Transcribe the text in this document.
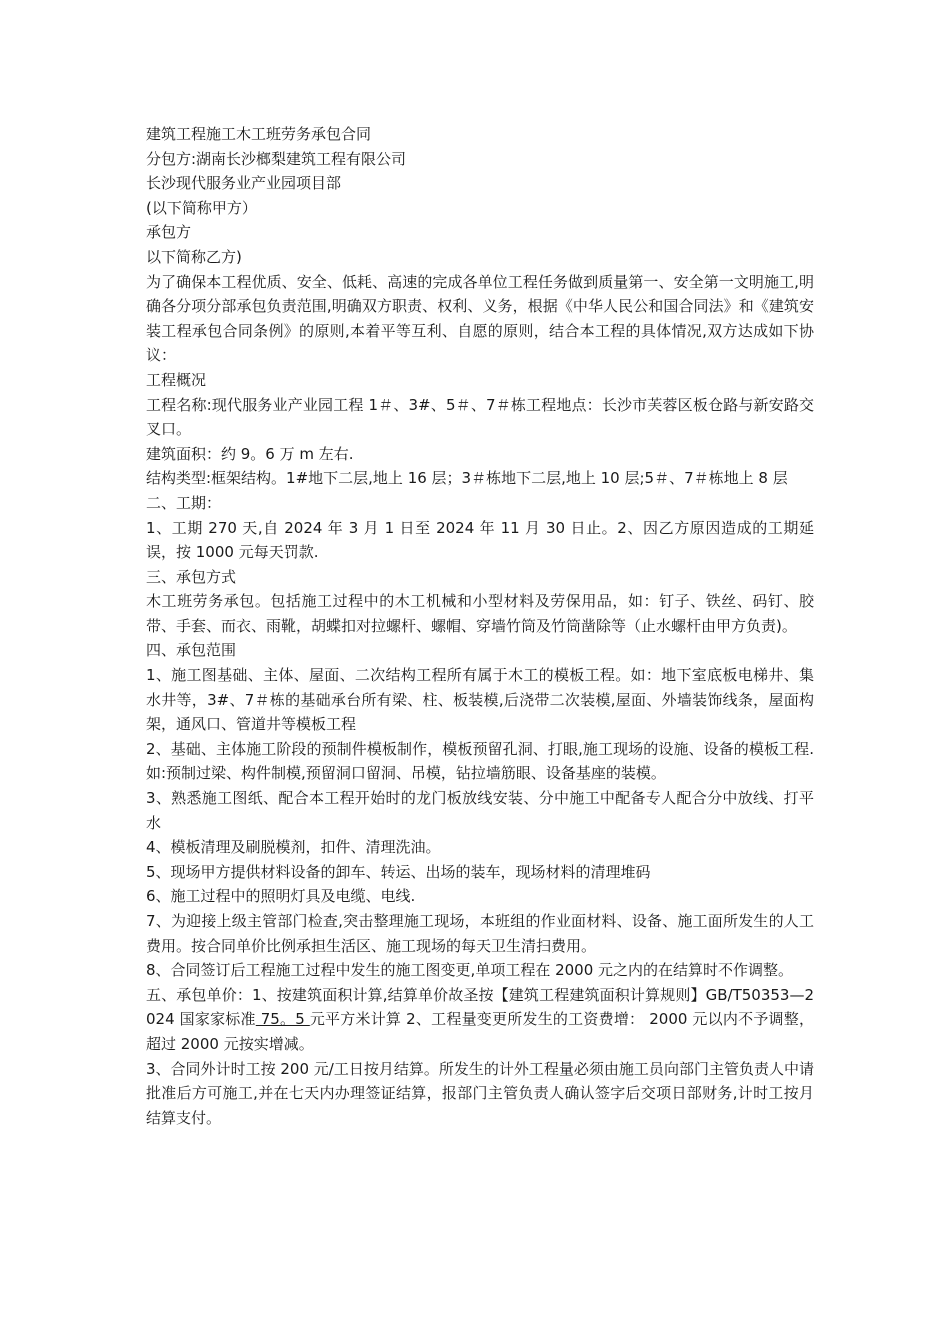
建筑工程施工木工班劳务承包合同

分包方:湖南长沙榔梨建筑工程有限公司

长沙现代服务业产业园项目部

(以下简称甲方）

承包方

以下简称乙方)

为了确保本工程优质、安全、低耗、高速的完成各单位工程任务做到质量第一、安全第一文明施工,明确各分项分部承包负责范围,明确双方职责、权利、义务，根据《中华人民公和国合同法》和《建筑安装工程承包合同条例》的原则,本着平等互利、自愿的原则，结合本工程的具体情况,双方达成如下协议：

工程概况

工程名称:现代服务业产业园工程 1＃、3#、5＃、7＃栋工程地点：长沙市芙蓉区板仓路与新安路交叉口。

建筑面积：约 9。6 万 m 左右.

结构类型:框架结构。1#地下二层,地上 16 层；3＃栋地下二层,地上 10 层;5＃、7＃栋地上 8 层

二、工期：

1、工期 270 天,自 2024 年 3 月 1 日至 2024 年 11 月 30 日止。2、因乙方原因造成的工期延误，按 1000 元每天罚款.

三、承包方式

木工班劳务承包。包括施工过程中的木工机械和小型材料及劳保用品，如：钉子、铁丝、码钉、胶带、手套、而衣、雨靴，胡蝶扣对拉螺杆、螺帽、穿墙竹筒及竹筒凿除等（止水螺杆由甲方负责)。

四、承包范围

1、施工图基础、主体、屋面、二次结构工程所有属于木工的模板工程。如：地下室底板电梯井、集水井等，3#、7＃栋的基础承台所有梁、柱、板装模,后浇带二次装模,屋面、外墙装饰线条，屋面构架，通风口、管道井等模板工程

2、基础、主体施工阶段的预制件模板制作，模板预留孔洞、打眼,施工现场的设施、设备的模板工程.如:预制过梁、构件制模,预留洞口留洞、吊模，钻拉墙筋眼、设备基座的装模。

3、熟悉施工图纸、配合本工程开始时的龙门板放线安装、分中施工中配备专人配合分中放线、打平水

4、模板清理及刷脱模剂，扣件、清理洗油。

5、现场甲方提供材料设备的卸车、转运、出场的装车，现场材料的清理堆码

6、施工过程中的照明灯具及电缆、电线.

7、为迎接上级主管部门检查,突击整理施工现场，本班组的作业面材料、设备、施工面所发生的人工费用。按合同单价比例承担生活区、施工现场的每天卫生清扫费用。

8、合同签订后工程施工过程中发生的施工图变更,单项工程在 2000 元之内的在结算时不作调整。

五、承包单价：1、按建筑面积计算,结算单价故圣按【建筑工程建筑面积计算规则】GB/T50353—2024 国家家标准 75。5 元平方米计算 2、工程量变更所发生的工资费增： 2000 元以内不予调整，超过 2000 元按实增减。

3、合同外计时工按 200 元/工日按月结算。所发生的计外工程量必须由施工员向部门主管负责人中请批准后方可施工,并在七天内办理签证结算，报部门主管负责人确认签字后交项日部财务,计时工按月结算支付。
